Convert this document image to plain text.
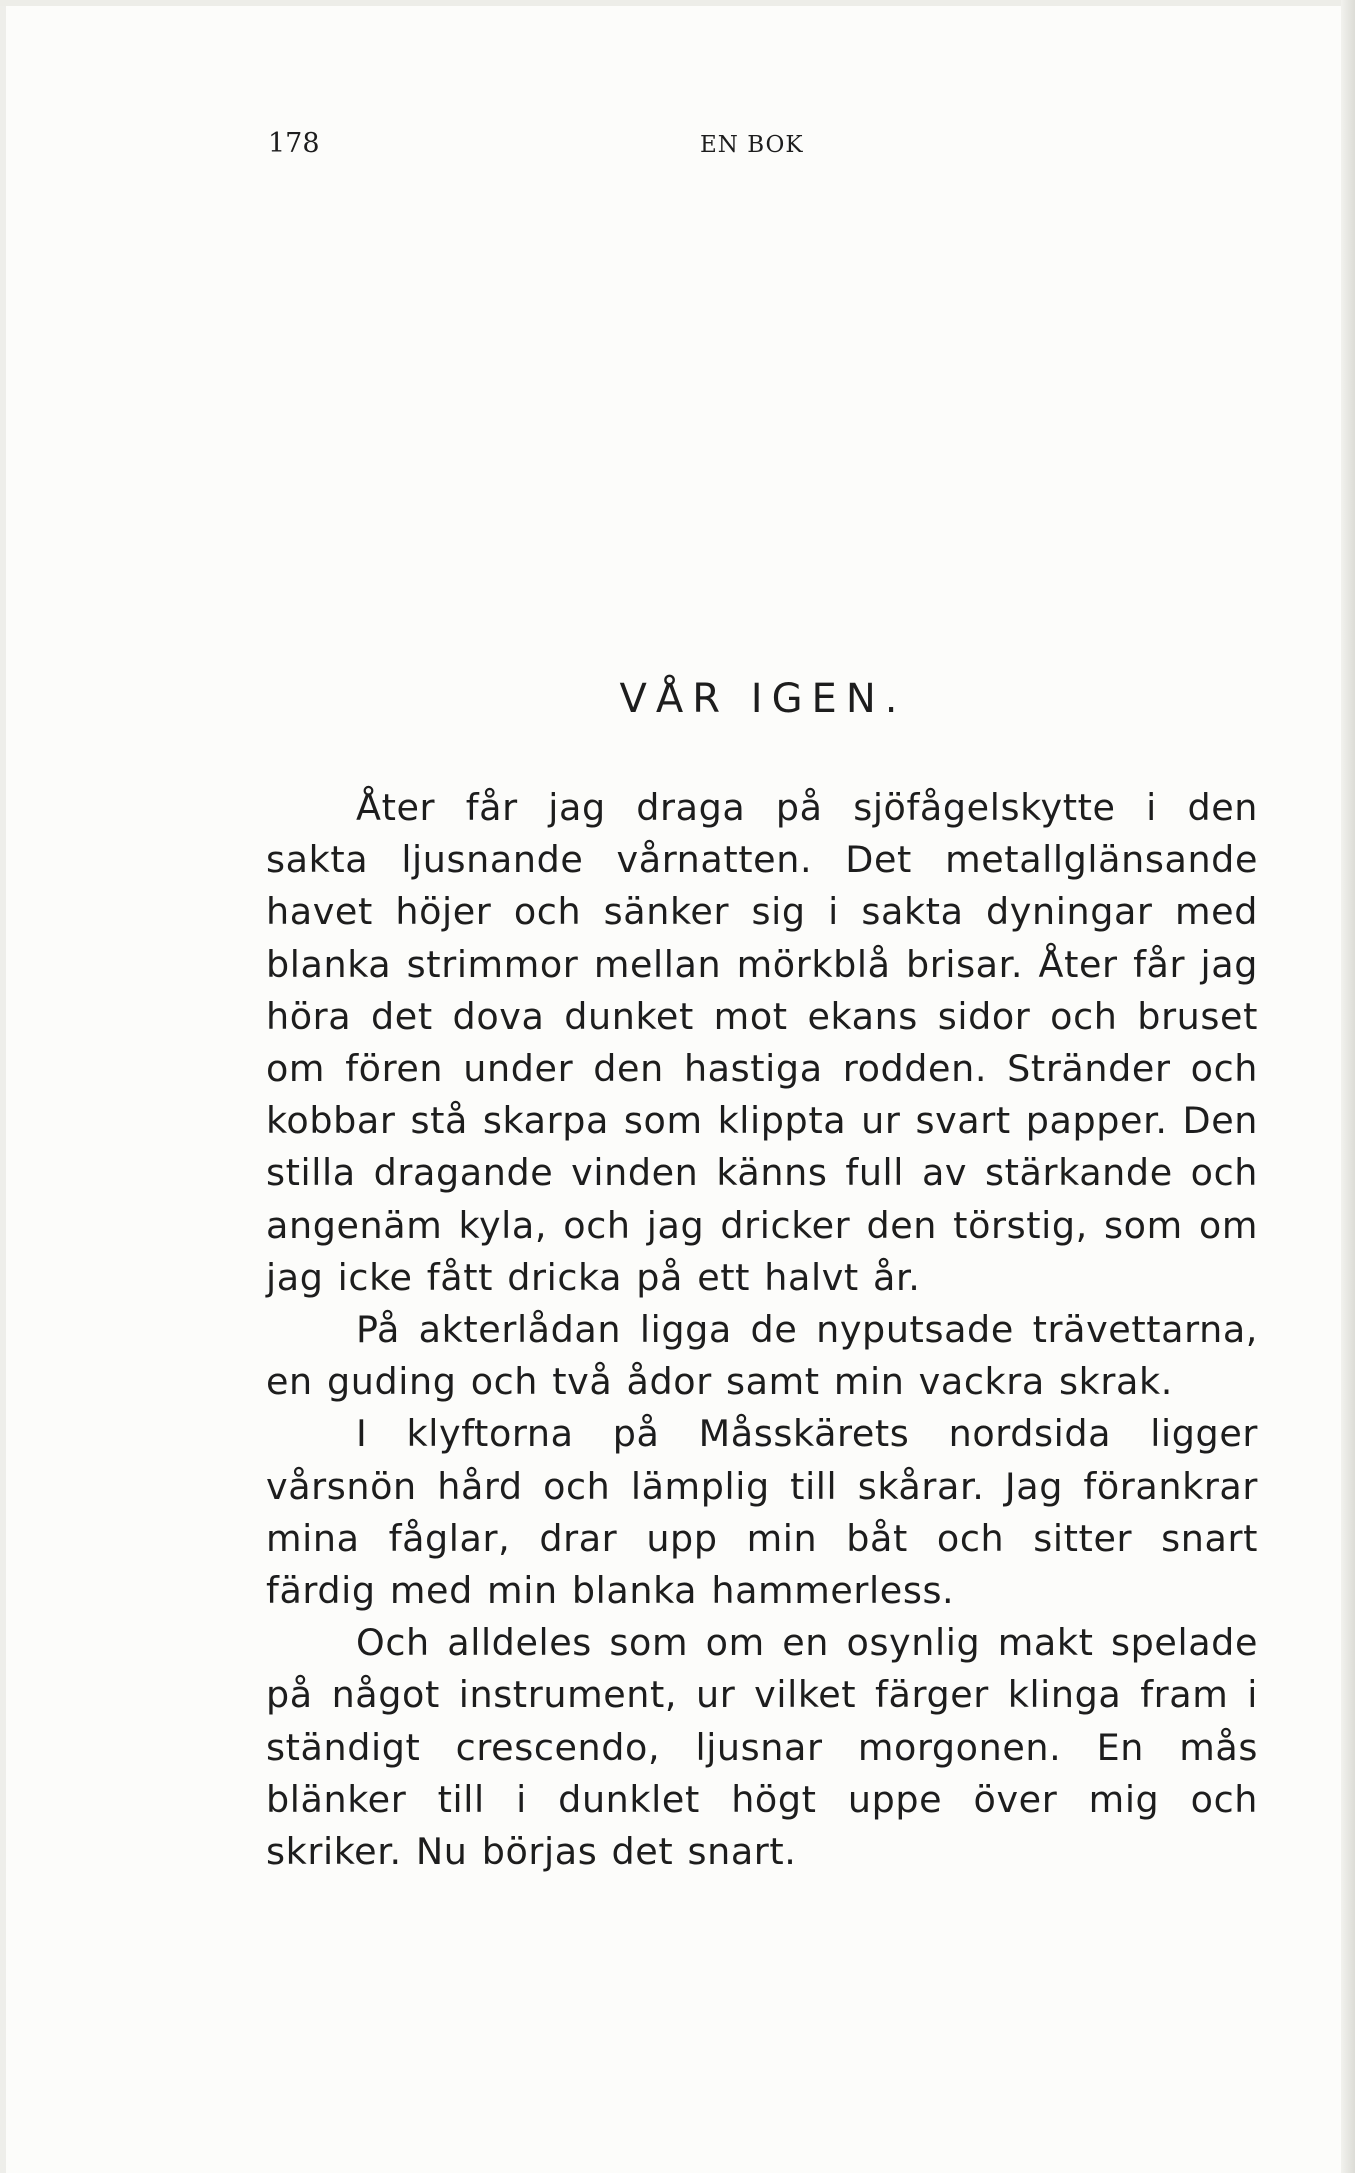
178	EN BOK
VÅR IGEN.

Åter får jag draga på sjöfågelskytte i den sakta ljusnande vårnatten. Det metallglänsande havet höjer och sänker sig i sakta dyningar med blanka strimmor mellan mörkblå brisar. Åter får jag höra det dova dunket mot ekans sidor och bruset om fören under den hastiga rodden. Stränder och kobbar stå skarpa som klippta ur svart papper. Den stilla dragande vinden känns full av stärkande och angenäm kyla, och jag dricker den törstig, som om jag icke fått dricka på ett halvt år.

På akterlådan ligga de nyputsade trävettarna, en guding och två ådor samt min vackra skrak.

I klyftorna på Måsskärets nordsida ligger vårsnön hård och lämplig till skårar. Jag förankrar mina fåglar, drar upp min båt och sitter snart färdig med min blanka hammerless.

Och alldeles som om en osynlig makt spelade på något instrument, ur vilket färger klinga fram i ständigt crescendo, ljusnar morgonen. En mås blänker till i dunklet högt uppe över mig och skriker. Nu börjas det snart.
